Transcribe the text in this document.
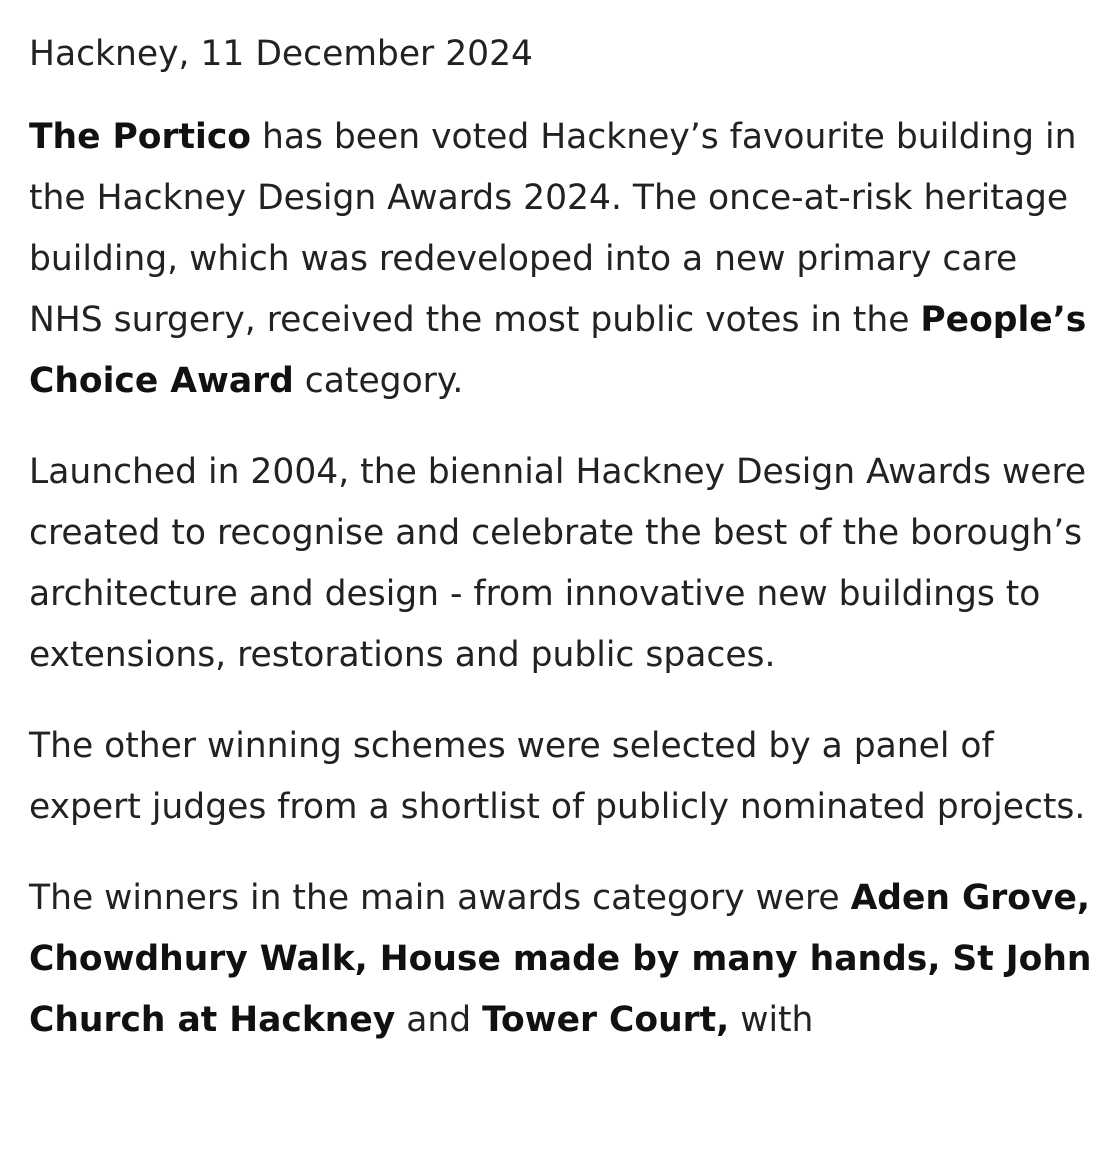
Hackney, 11 December 2024

The Portico has been voted Hackney’s favourite building in the Hackney Design Awards 2024. The once-at-risk heritage building, which was redeveloped into a new primary care NHS surgery, received the most public votes in the People’s Choice Award category.

Launched in 2004, the biennial Hackney Design Awards were created to recognise and celebrate the best of the borough’s architecture and design - from innovative new buildings to extensions, restorations and public spaces.

The other winning schemes were selected by a panel of expert judges from a shortlist of publicly nominated projects.

The winners in the main awards category were Aden Grove, Chowdhury Walk, House made by many hands, St John Church at Hackney and Tower Court, with
